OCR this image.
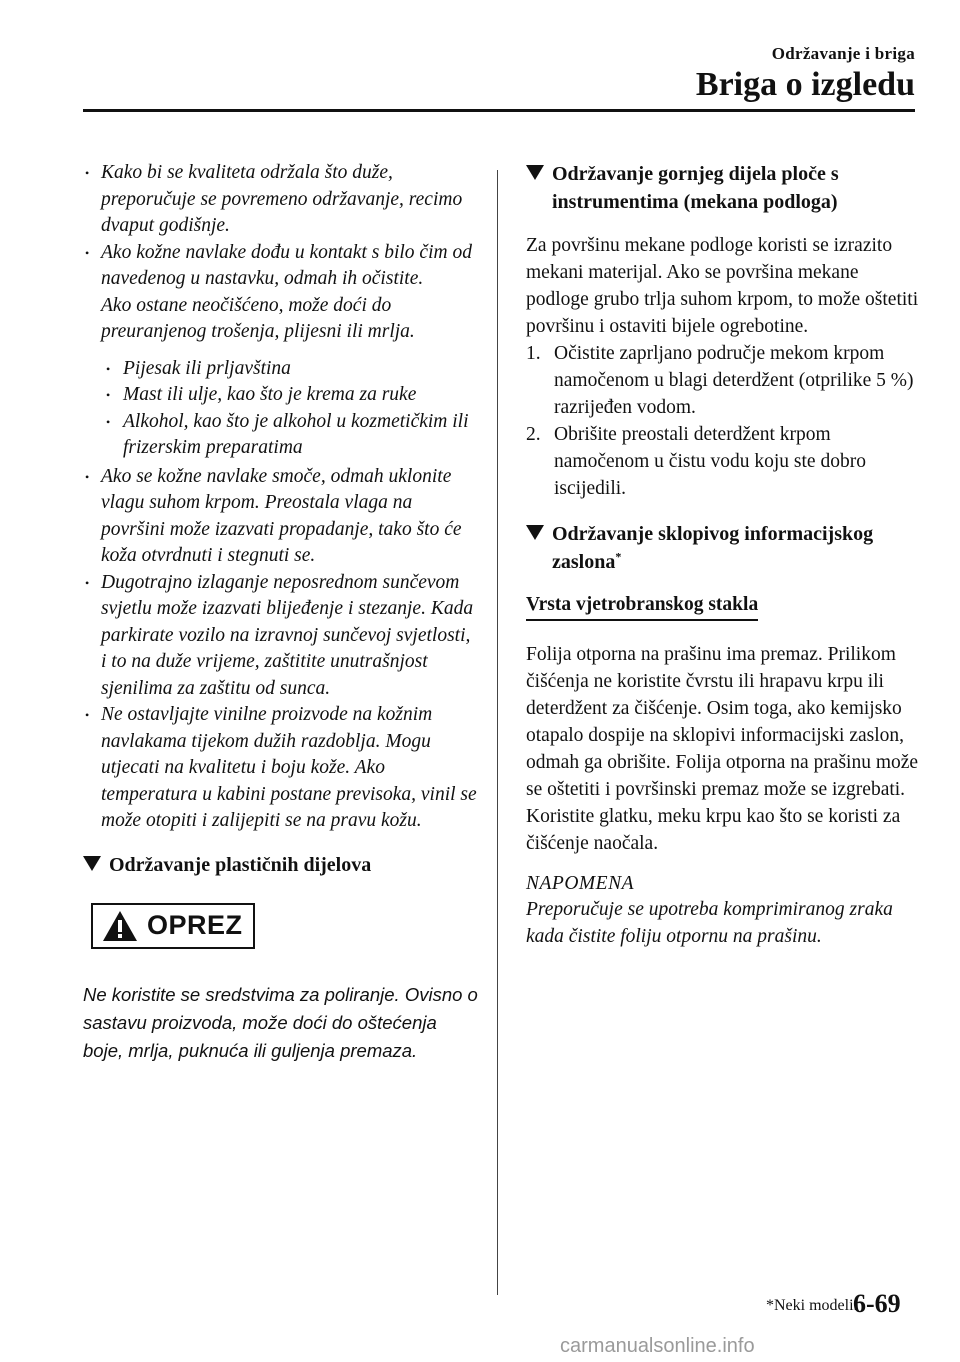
Održavanje i briga
Briga o izgledu
• Kako bi se kvaliteta održala što duže, preporučuje se povremeno održavanje, recimo dvaput godišnje.
• Ako kožne navlake dođu u kontakt s bilo čim od navedenog u nastavku, odmah ih očistite.
Ako ostane neočišćeno, može doći do preuranjenog trošenja, plijesni ili mrlja.
• Pijesak ili prljavština
• Mast ili ulje, kao što je krema za ruke
• Alkohol, kao što je alkohol u kozmetičkim ili frizerskim preparatima
• Ako se kožne navlake smoče, odmah uklonite vlagu suhom krpom. Preostala vlaga na površini može izazvati propadanje, tako što će koža otvrdnuti i stegnuti se.
• Dugotrajno izlaganje neposrednom sunčevom svjetlu može izazvati blijeđenje i stezanje. Kada parkirate vozilo na izravnoj sunčevoj svjetlosti, i to na duže vrijeme, zaštitite unutrašnjost sjenilima za zaštitu od sunca.
• Ne ostavljajte vinilne proizvode na kožnim navlakama tijekom dužih razdoblja. Mogu utjecati na kvalitetu i boju kože. Ako temperatura u kabini postane previsoka, vinil se može otopiti i zalijepiti se na pravu kožu.
Održavanje plastičnih dijelova
OPREZ
Ne koristite se sredstvima za poliranje. Ovisno o sastavu proizvoda, može doći do oštećenja boje, mrlja, puknuća ili guljenja premaza.
Održavanje gornjeg dijela ploče s instrumentima (mekana podloga)
Za površinu mekane podloge koristi se izrazito mekani materijal. Ako se površina mekane podloge grubo trlja suhom krpom, to može oštetiti površinu i ostaviti bijele ogrebotine.
1. Očistite zaprljano područje mekom krpom namočenom u blagi deterdžent (otprilike 5 %) razrijeđen vodom.
2. Obrišite preostali deterdžent krpom namočenom u čistu vodu koju ste dobro iscijedili.
Održavanje sklopivog informacijskog zaslona*
Vrsta vjetrobranskog stakla
Folija otporna na prašinu ima premaz. Prilikom čišćenja ne koristite čvrstu ili hrapavu krpu ili deterdžent za čišćenje. Osim toga, ako kemijsko otapalo dospije na sklopivi informacijski zaslon, odmah ga obrišite. Folija otporna na prašinu može se oštetiti i površinski premaz može se izgrebati. Koristite glatku, meku krpu kao što se koristi za čišćenje naočala.
NAPOMENA
Preporučuje se upotreba komprimiranog zraka kada čistite foliju otpornu na prašinu.
*Neki modeli.
6-69
carmanualsonline.info
